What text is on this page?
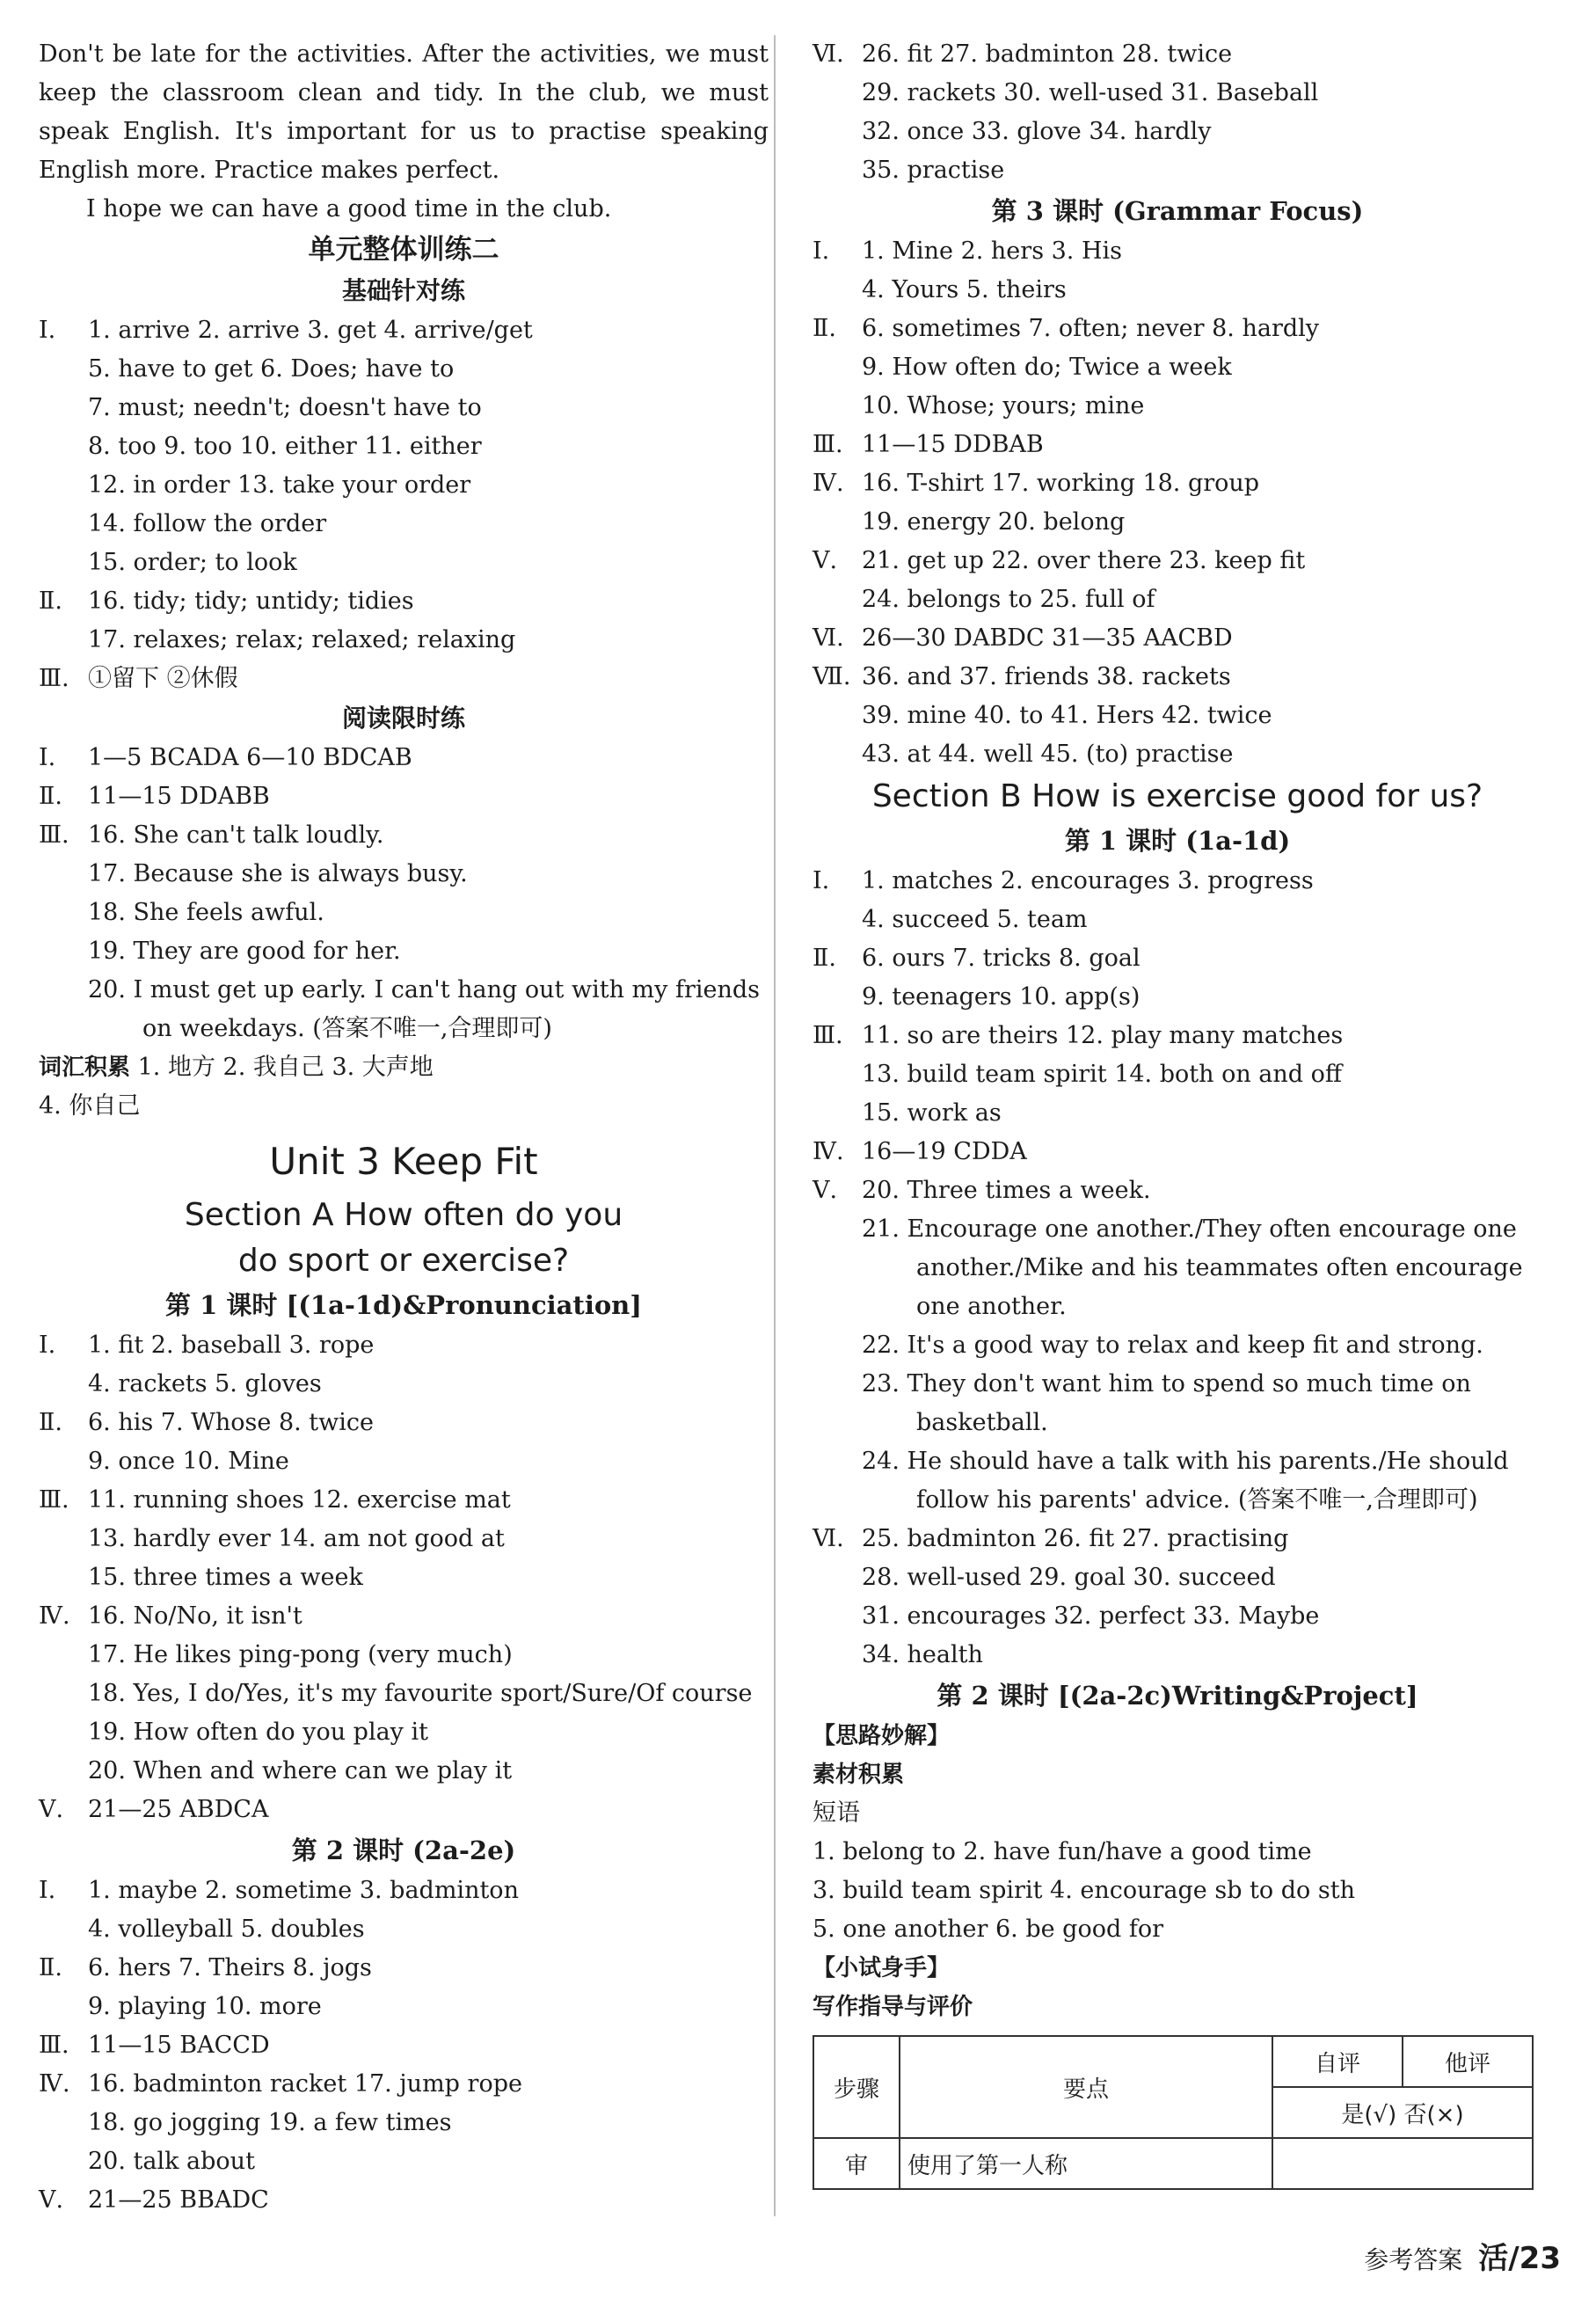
Don't be late for the activities. After the activities, we must keep the classroom clean and tidy. In the club, we must speak English. It's important for us to practise speaking English more. Practice makes perfect.

I hope we can have a good time in the club.

单元整体训练二
基础针对练
Ⅰ. 1. arrive 2. arrive 3. get 4. arrive/get
5. have to get 6. Does; have to
7. must; needn't; doesn't have to
8. too 9. too 10. either 11. either
12. in order 13. take your order
14. follow the order
15. order; to look
Ⅱ. 16. tidy; tidy; untidy; tidies
17. relaxes; relax; relaxed; relaxing
Ⅲ. ①留下 ②休假
阅读限时练
Ⅰ. 1—5 BCADA 6—10 BDCAB
Ⅱ. 11—15 DDABB
Ⅲ. 16. She can't talk loudly.
17. Because she is always busy.
18. She feels awful.
19. They are good for her.
20. I must get up early. I can't hang out with my friends on weekdays. (答案不唯一,合理即可)
词汇积累 1. 地方 2. 我自己 3. 大声地
4. 你自己
Unit 3 Keep Fit
Section A How often do you
do sport or exercise?
第 1 课时 [(1a-1d)&Pronunciation]
Ⅰ. 1. fit 2. baseball 3. rope
4. rackets 5. gloves
Ⅱ. 6. his 7. Whose 8. twice
9. once 10. Mine
Ⅲ. 11. running shoes 12. exercise mat
13. hardly ever 14. am not good at
15. three times a week
Ⅳ. 16. No/No, it isn't
17. He likes ping-pong (very much)
18. Yes, I do/Yes, it's my favourite sport/Sure/Of course
19. How often do you play it
20. When and where can we play it
Ⅴ. 21—25 ABDCA
第 2 课时 (2a-2e)
Ⅰ. 1. maybe 2. sometime 3. badminton
4. volleyball 5. doubles
Ⅱ. 6. hers 7. Theirs 8. jogs
9. playing 10. more
Ⅲ. 11—15 BACCD
Ⅳ. 16. badminton racket 17. jump rope
18. go jogging 19. a few times
20. talk about
Ⅴ. 21—25 BBADC
Ⅵ. 26. fit 27. badminton 28. twice
29. rackets 30. well-used 31. Baseball
32. once 33. glove 34. hardly
35. practise
第 3 课时 (Grammar Focus)
Ⅰ. 1. Mine 2. hers 3. His
4. Yours 5. theirs
Ⅱ. 6. sometimes 7. often; never 8. hardly
9. How often do; Twice a week
10. Whose; yours; mine
Ⅲ. 11—15 DDBAB
Ⅳ. 16. T-shirt 17. working 18. group
19. energy 20. belong
Ⅴ. 21. get up 22. over there 23. keep fit
24. belongs to 25. full of
Ⅵ. 26—30 DABDC 31—35 AACBD
Ⅶ. 36. and 37. friends 38. rackets
39. mine 40. to 41. Hers 42. twice
43. at 44. well 45. (to) practise
Section B How is exercise good for us?
第 1 课时 (1a-1d)
Ⅰ. 1. matches 2. encourages 3. progress
4. succeed 5. team
Ⅱ. 6. ours 7. tricks 8. goal
9. teenagers 10. app(s)
Ⅲ. 11. so are theirs 12. play many matches
13. build team spirit 14. both on and off
15. work as
Ⅳ. 16—19 CDDA
Ⅴ. 20. Three times a week.
21. Encourage one another./They often encourage one another./Mike and his teammates often encourage one another.
22. It's a good way to relax and keep fit and strong.
23. They don't want him to spend so much time on basketball.
24. He should have a talk with his parents./He should follow his parents' advice. (答案不唯一,合理即可)
Ⅵ. 25. badminton 26. fit 27. practising
28. well-used 29. goal 30. succeed
31. encourages 32. perfect 33. Maybe
34. health
第 2 课时 [(2a-2c)Writing&Project]
【思路妙解】
素材积累
短语
1. belong to 2. have fun/have a good time
3. build team spirit 4. encourage sb to do sth
5. one another 6. be good for
【小试身手】
写作指导与评价
步骤	要点	自评	他评
		是(√) 否(×)	
审	使用了第一人称		
参考答案 活/23
